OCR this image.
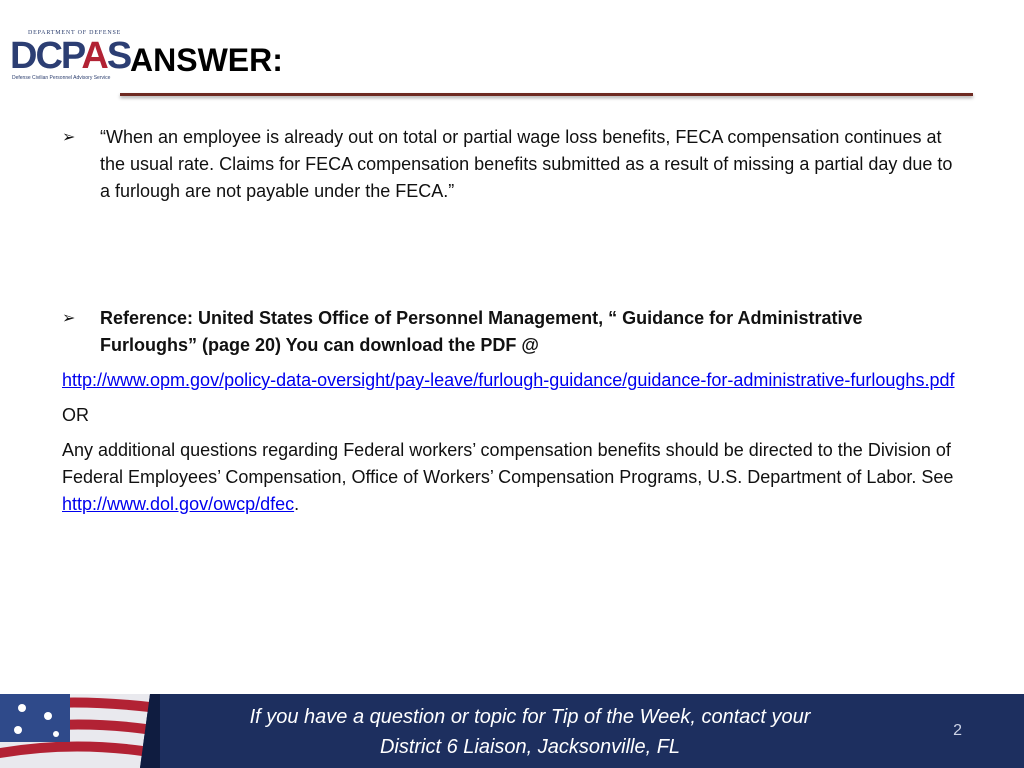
DEPARTMENT OF DEFENSE
DCPAS
Defense Civilian Personnel Advisory Service ANSWER:

➢	“When an employee is already out on total or partial wage loss benefits, FECA compensation continues at the usual rate. Claims for FECA compensation benefits submitted as a result of missing a partial day due to a furlough are not payable under the FECA.”

➢	Reference: United States Office of Personnel Management, “ Guidance for Administrative Furloughs” (page 20) You can download the PDF @

http://www.opm.gov/policy-data-oversight/pay-leave/furlough-guidance/guidance-for-administrative-furloughs.pdf

OR

Any additional questions regarding Federal workers’ compensation benefits should be directed to the Division of Federal Employees’ Compensation, Office of Workers’ Compensation Programs, U.S. Department of Labor. See http://www.dol.gov/owcp/dfec.

If you have a question or topic for Tip of the Week, contact your
District 6 Liaison, Jacksonville, FL
2
